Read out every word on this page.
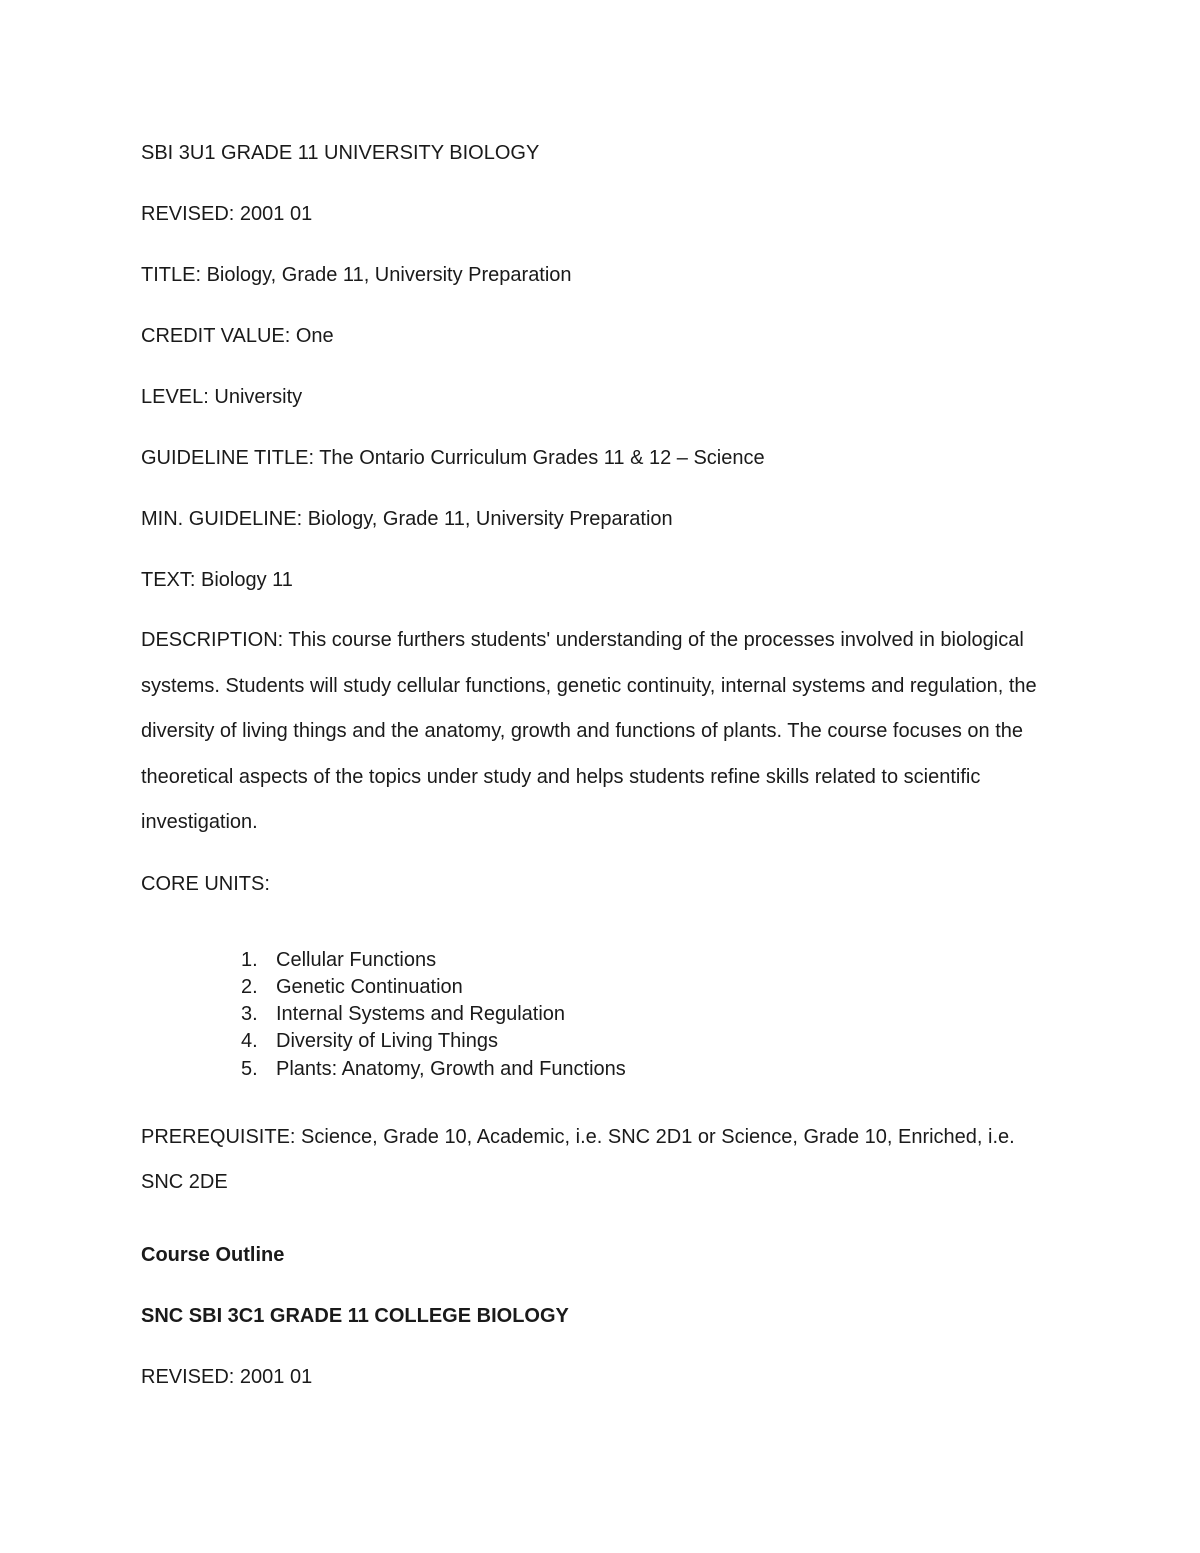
SBI 3U1 GRADE 11 UNIVERSITY BIOLOGY

REVISED: 2001 01

TITLE: Biology, Grade 11, University Preparation

CREDIT VALUE: One

LEVEL: University

GUIDELINE TITLE: The Ontario Curriculum Grades 11 & 12 – Science

MIN. GUIDELINE: Biology, Grade 11, University Preparation

TEXT: Biology 11

DESCRIPTION: This course furthers students' understanding of the processes involved in biological systems. Students will study cellular functions, genetic continuity, internal systems and regulation, the diversity of living things and the anatomy, growth and functions of plants. The course focuses on the theoretical aspects of the topics under study and helps students refine skills related to scientific investigation.

CORE UNITS:

1. Cellular Functions
2. Genetic Continuation
3. Internal Systems and Regulation
4. Diversity of Living Things
5. Plants: Anatomy, Growth and Functions

PREREQUISITE: Science, Grade 10, Academic, i.e. SNC 2D1 or Science, Grade 10, Enriched, i.e. SNC 2DE

Course Outline

SNC SBI 3C1 GRADE 11 COLLEGE BIOLOGY

REVISED: 2001 01
